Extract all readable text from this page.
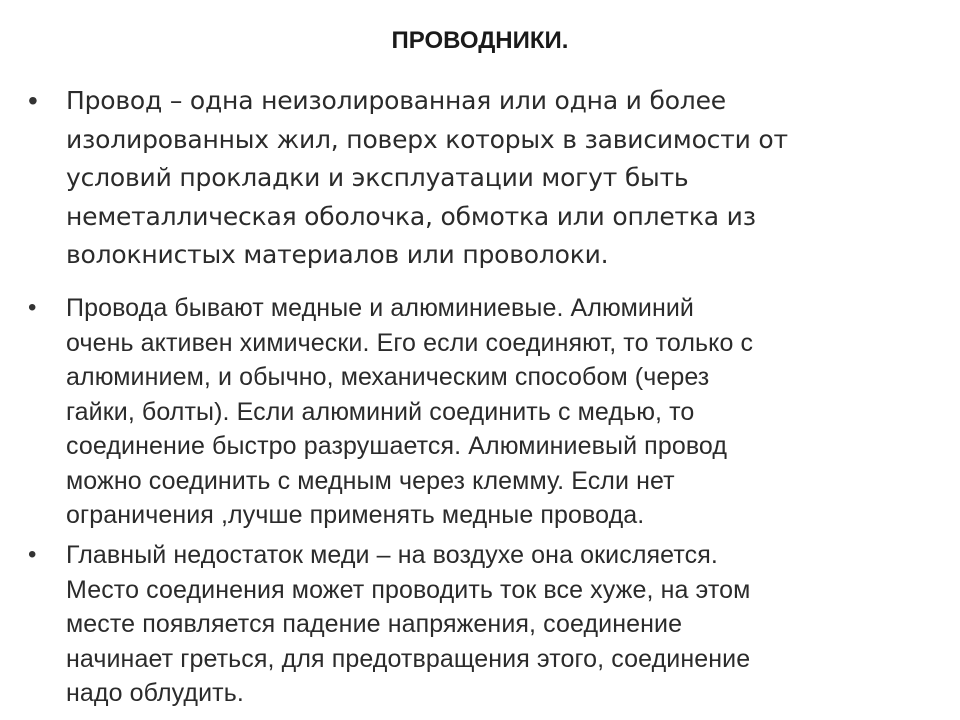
ПРОВОДНИКИ.
• Провод – одна неизолированная или одна и более
изолированных жил, поверх которых в зависимости от
условий прокладки и эксплуатации могут быть
неметаллическая оболочка, обмотка или оплетка из
волокнистых материалов или проволоки.
• Провода бывают медные и алюминиевые. Алюминий
очень активен химически. Его если соединяют, то только с
алюминием, и обычно, механическим способом (через
гайки, болты). Если алюминий соединить с медью, то
соединение быстро разрушается. Алюминиевый провод
можно соединить с медным через клемму. Если нет
ограничения ,лучше применять медные провода.
• Главный недостаток меди – на воздухе она окисляется.
Место соединения может проводить ток все хуже, на этом
месте появляется падение напряжения, соединение
начинает греться, для предотвращения этого, соединение
надо облудить.
